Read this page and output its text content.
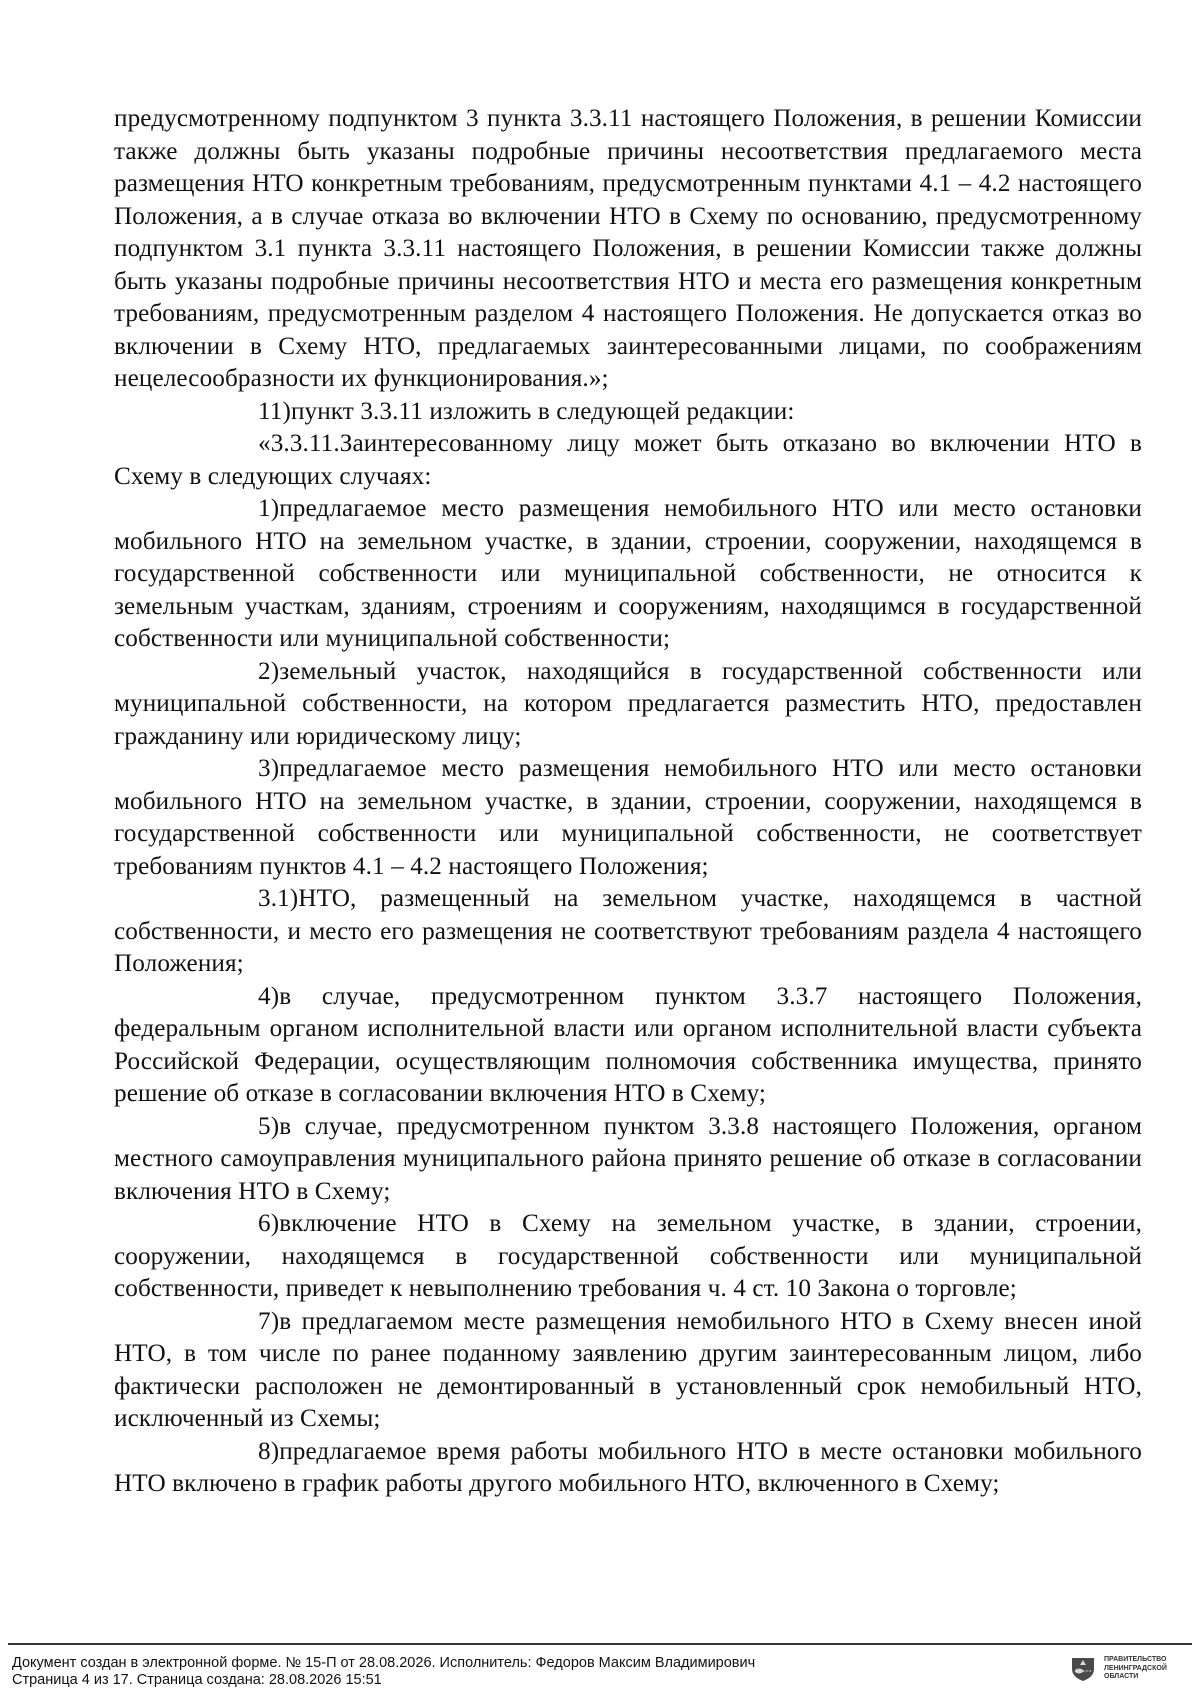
предусмотренному подпунктом 3 пункта 3.3.11 настоящего Положения, в решении Комиссии также должны быть указаны подробные причины несоответствия предлагаемого места размещения НТО конкретным требованиям, предусмотренным пунктами 4.1 – 4.2 настоящего Положения, а в случае отказа во включении НТО в Схему по основанию, предусмотренному подпунктом 3.1 пункта 3.3.11 настоящего Положения, в решении Комиссии также должны быть указаны подробные причины несоответствия НТО и места его размещения конкретным требованиям, предусмотренным разделом 4 настоящего Положения. Не допускается отказ во включении в Схему НТО, предлагаемых заинтересованными лицами, по соображениям нецелесообразности их функционирования.»;

11)пункт 3.3.11 изложить в следующей редакции:

«3.3.11.Заинтересованному лицу может быть отказано во включении НТО в Схему в следующих случаях:

1)предлагаемое место размещения немобильного НТО или место остановки мобильного НТО на земельном участке, в здании, строении, сооружении, находящемся в государственной собственности или муниципальной собственности, не относится к земельным участкам, зданиям, строениям и сооружениям, находящимся в государственной собственности или муниципальной собственности;

2)земельный участок, находящийся в государственной собственности или муниципальной собственности, на котором предлагается разместить НТО, предоставлен гражданину или юридическому лицу;

3)предлагаемое место размещения немобильного НТО или место остановки мобильного НТО на земельном участке, в здании, строении, сооружении, находящемся в государственной собственности или муниципальной собственности, не соответствует требованиям пунктов 4.1 – 4.2 настоящего Положения;

3.1)НТО, размещенный на земельном участке, находящемся в частной собственности, и место его размещения не соответствуют требованиям раздела 4 настоящего Положения;

4)в случае, предусмотренном пунктом 3.3.7 настоящего Положения, федеральным органом исполнительной власти или органом исполнительной власти субъекта Российской Федерации, осуществляющим полномочия собственника имущества, принято решение об отказе в согласовании включения НТО в Схему;

5)в случае, предусмотренном пунктом 3.3.8 настоящего Положения, органом местного самоуправления муниципального района принято решение об отказе в согласовании включения НТО в Схему;

6)включение НТО в Схему на земельном участке, в здании, строении, сооружении, находящемся в государственной собственности или муниципальной собственности, приведет к невыполнению требования ч. 4 ст. 10 Закона о торговле;

7)в предлагаемом месте размещения немобильного НТО в Схему внесен иной НТО, в том числе по ранее поданному заявлению другим заинтересованным лицом, либо фактически расположен не демонтированный в установленный срок немобильный НТО, исключенный из Схемы;

8)предлагаемое время работы мобильного НТО в месте остановки мобильного НТО включено в график работы другого мобильного НТО, включенного в Схему;

Документ создан в электронной форме. № 15-П от 28.08.2026. Исполнитель: Федоров Максим Владимирович
Страница 4 из 17. Страница создана: 28.08.2026 15:51
ПРАВИТЕЛЬСТВО
ЛЕНИНГРАДСКОЙ
ОБЛАСТИ
